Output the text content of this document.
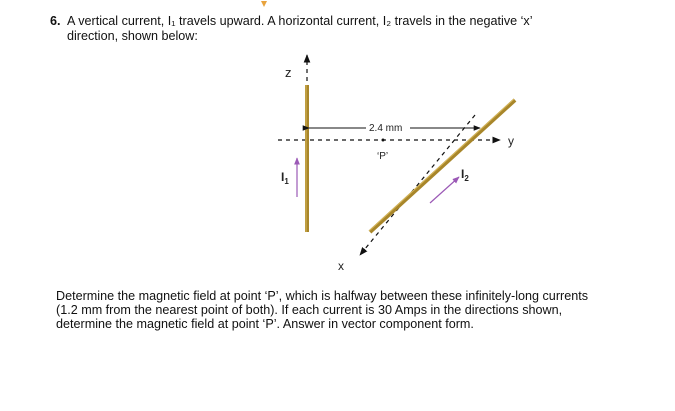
6. A vertical current, I₁ travels upward. A horizontal current, I₂ travels in the negative ‘x’
direction, shown below:
z
y
x
2.4 mm
‘P’
$I_1$
$I_2$
Determine the magnetic field at point ‘P’, which is halfway between these infinitely-long currents
(1.2 mm from the nearest point of both). If each current is 30 Amps in the directions shown,
determine the magnetic field at point ‘P’. Answer in vector component form.
